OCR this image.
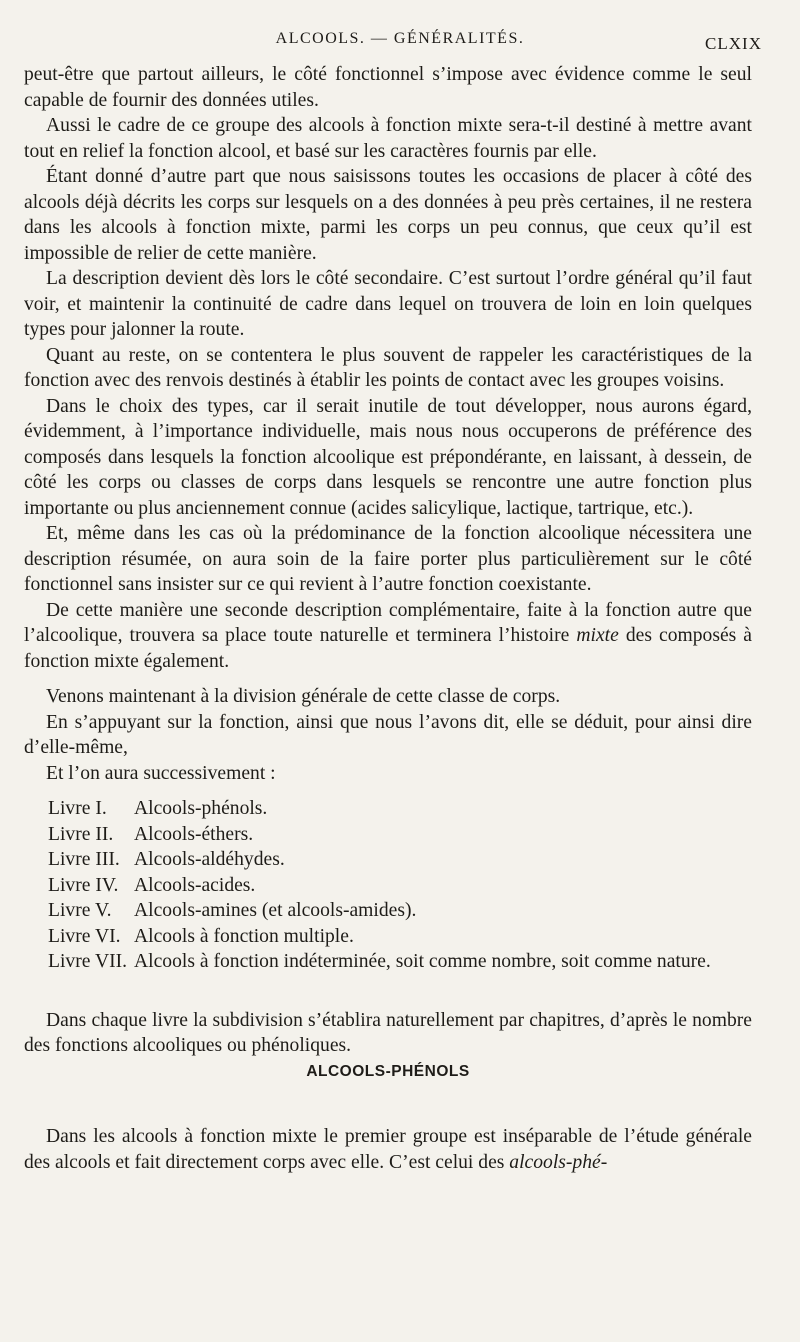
ALCOOLS. — GÉNÉRALITÉS.	CLXIX

peut-être que partout ailleurs, le côté fonctionnel s’impose avec évidence comme le seul capable de fournir des données utiles.

Aussi le cadre de ce groupe des alcools à fonction mixte sera-t-il destiné à mettre avant tout en relief la fonction alcool, et basé sur les caractères fournis par elle.

Étant donné d’autre part que nous saisissons toutes les occasions de placer à côté des alcools déjà décrits les corps sur lesquels on a des données à peu près certaines, il ne restera dans les alcools à fonction mixte, parmi les corps un peu connus, que ceux qu’il est impossible de relier de cette manière.

La description devient dès lors le côté secondaire. C’est surtout l’ordre général qu’il faut voir, et maintenir la continuité de cadre dans lequel on trouvera de loin en loin quelques types pour jalonner la route.

Quant au reste, on se contentera le plus souvent de rappeler les caractéristiques de la fonction avec des renvois destinés à établir les points de contact avec les groupes voisins.

Dans le choix des types, car il serait inutile de tout développer, nous aurons égard, évidemment, à l’importance individuelle, mais nous nous occuperons de préférence des composés dans lesquels la fonction alcoolique est prépondérante, en laissant, à dessein, de côté les corps ou classes de corps dans lesquels se rencontre une autre fonction plus importante ou plus anciennement connue (acides salicylique, lactique, tartrique, etc.).

Et, même dans les cas où la prédominance de la fonction alcoolique nécessitera une description résumée, on aura soin de la faire porter plus particulièrement sur le côté fonctionnel sans insister sur ce qui revient à l’autre fonction coexistante.

De cette manière une seconde description complémentaire, faite à la fonction autre que l’alcoolique, trouvera sa place toute naturelle et terminera l’histoire mixte des composés à fonction mixte également.

Venons maintenant à la division générale de cette classe de corps.

En s’appuyant sur la fonction, ainsi que nous l’avons dit, elle se déduit, pour ainsi dire d’elle-même,

Et l’on aura successivement :

Livre I.	Alcools-phénols.
Livre II.	Alcools-éthers.
Livre III. Alcools-aldéhydes.
Livre IV. Alcools-acides.
Livre V.	Alcools-amines (et alcools-amides).
Livre VI. Alcools à fonction multiple.
Livre VII. Alcools à fonction indéterminée, soit comme nombre, soit comme nature.

Dans chaque livre la subdivision s’établira naturellement par chapitres, d’après le nombre des fonctions alcooliques ou phénoliques.

ALCOOLS-PHÉNOLS

Dans les alcools à fonction mixte le premier groupe est inséparable de l’étude générale des alcools et fait directement corps avec elle. C’est celui des alcools-phé-
